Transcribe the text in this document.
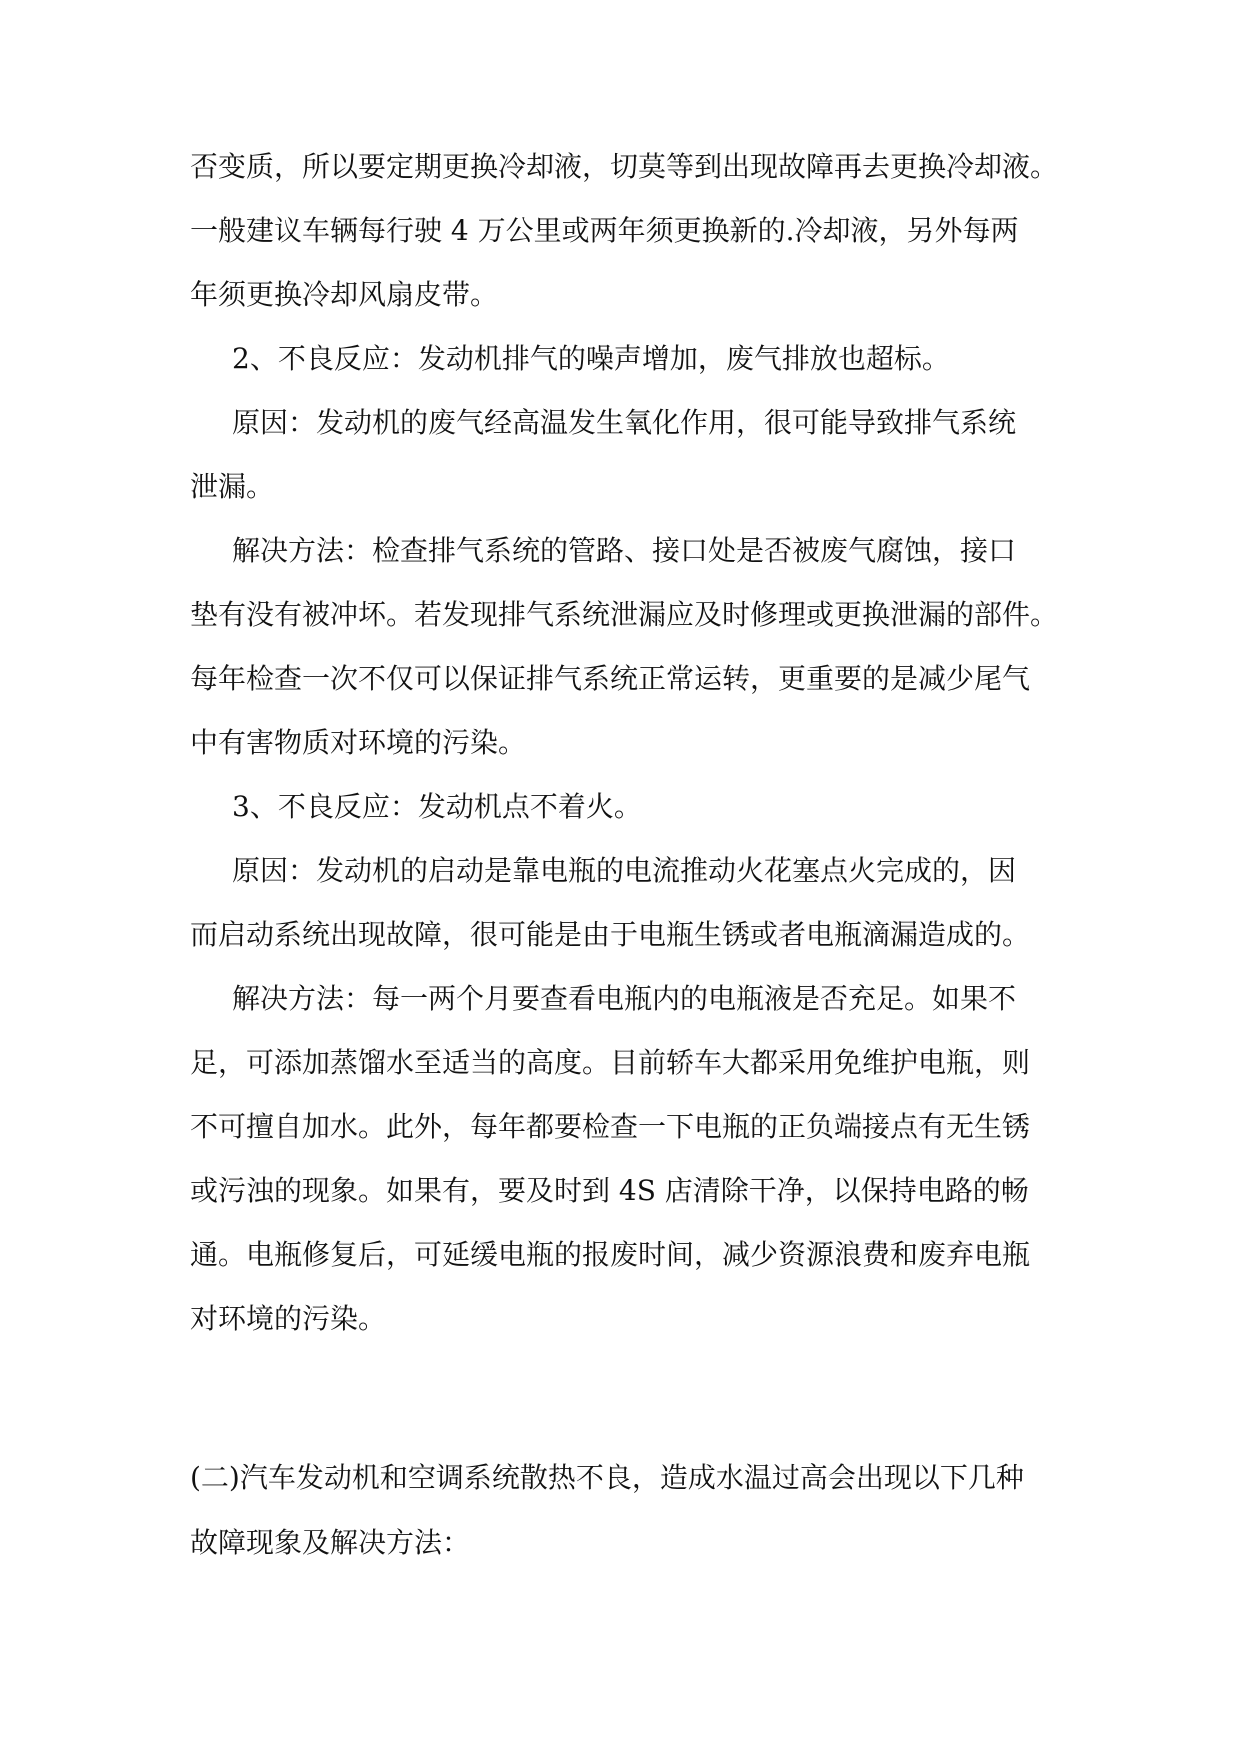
否变质，所以要定期更换冷却液，切莫等到出现故障再去更换冷却液。
一般建议车辆每行驶 4 万公里或两年须更换新的.冷却液，另外每两
年须更换冷却风扇皮带。
2、不良反应：发动机排气的噪声增加，废气排放也超标。
原因：发动机的废气经高温发生氧化作用，很可能导致排气系统
泄漏。
解决方法：检查排气系统的管路、接口处是否被废气腐蚀，接口
垫有没有被冲坏。若发现排气系统泄漏应及时修理或更换泄漏的部件。
每年检查一次不仅可以保证排气系统正常运转，更重要的是减少尾气
中有害物质对环境的污染。
3、不良反应：发动机点不着火。
原因：发动机的启动是靠电瓶的电流推动火花塞点火完成的，因
而启动系统出现故障，很可能是由于电瓶生锈或者电瓶滴漏造成的。
解决方法：每一两个月要查看电瓶内的电瓶液是否充足。如果不
足，可添加蒸馏水至适当的高度。目前轿车大都采用免维护电瓶，则
不可擅自加水。此外，每年都要检查一下电瓶的正负端接点有无生锈
或污浊的现象。如果有，要及时到 4S 店清除干净，以保持电路的畅
通。电瓶修复后，可延缓电瓶的报废时间，减少资源浪费和废弃电瓶
对环境的污染。
(二)汽车发动机和空调系统散热不良，造成水温过高会出现以下几种
故障现象及解决方法：
